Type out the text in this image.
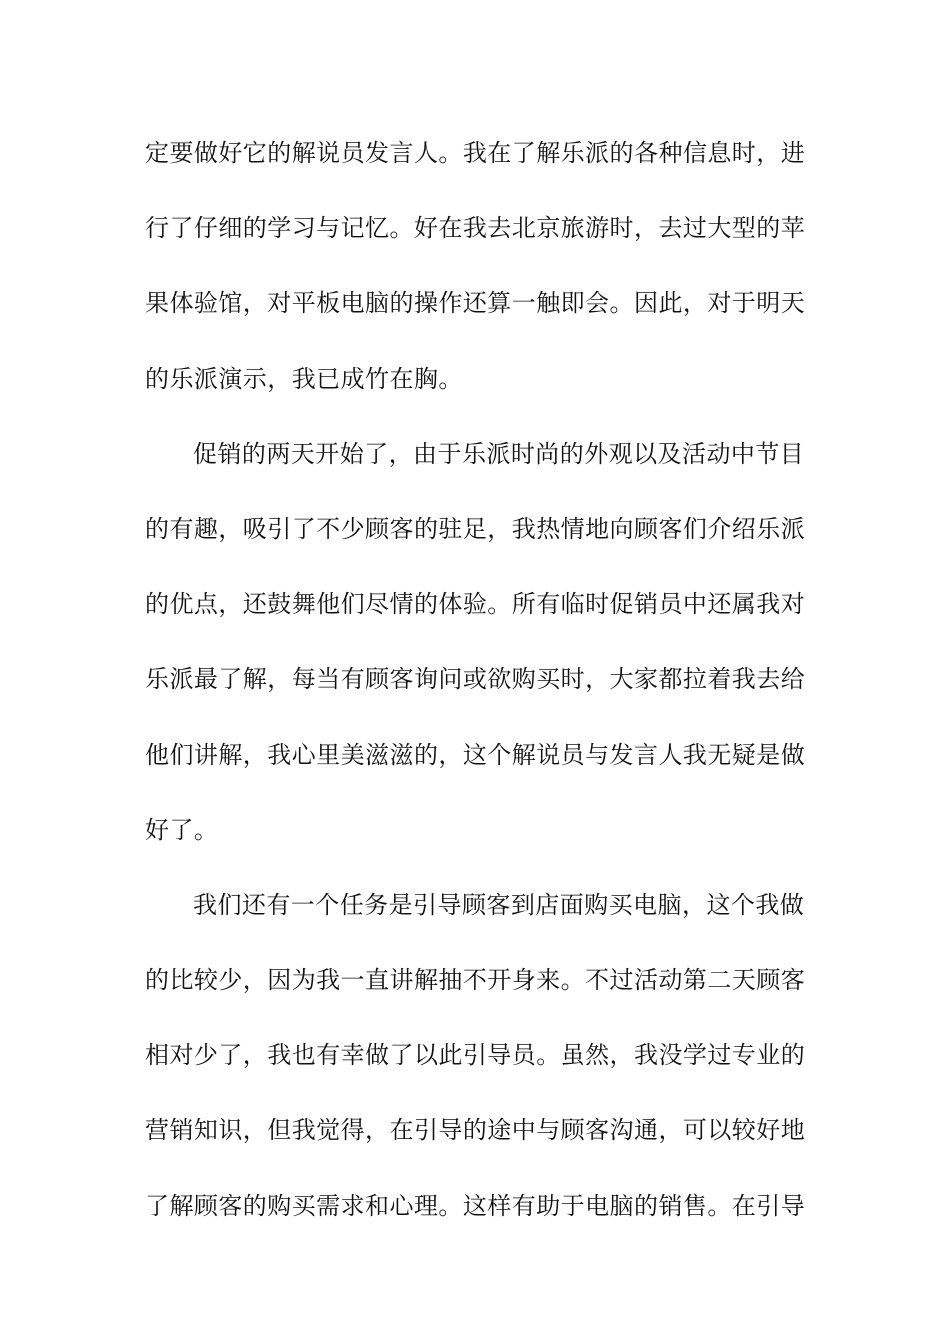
定要做好它的解说员发言人。我在了解乐派的各种信息时，进
行了仔细的学习与记忆。好在我去北京旅游时，去过大型的苹
果体验馆，对平板电脑的操作还算一触即会。因此，对于明天
的乐派演示，我已成竹在胸。
促销的两天开始了，由于乐派时尚的外观以及活动中节目
的有趣，吸引了不少顾客的驻足，我热情地向顾客们介绍乐派
的优点，还鼓舞他们尽情的体验。所有临时促销员中还属我对
乐派最了解，每当有顾客询问或欲购买时，大家都拉着我去给
他们讲解，我心里美滋滋的，这个解说员与发言人我无疑是做
好了。
我们还有一个任务是引导顾客到店面购买电脑，这个我做
的比较少，因为我一直讲解抽不开身来。不过活动第二天顾客
相对少了，我也有幸做了以此引导员。虽然，我没学过专业的
营销知识，但我觉得，在引导的途中与顾客沟通，可以较好地
了解顾客的购买需求和心理。这样有助于电脑的销售。在引导
